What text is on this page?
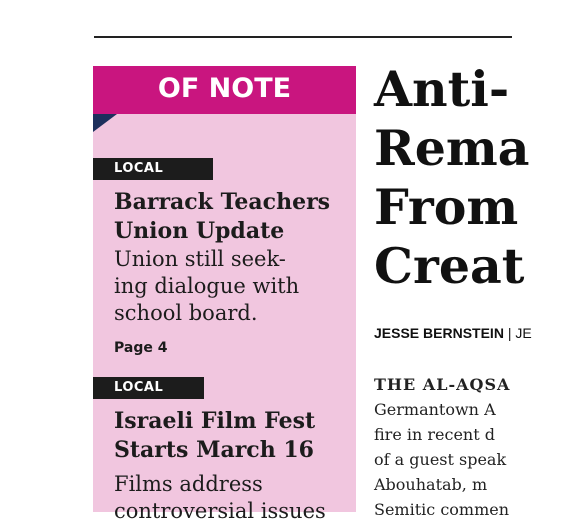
OF NOTE
LOCAL
Barrack Teachers
Union Update
Union still seek-
ing dialogue with
school board.
Page 4
LOCAL
Israeli Film Fest
Starts March 16
Films address
controversial issues
Anti-
Rema
From
Creat
JESSE BERNSTEIN | JE
THE AL-AQSA
Germantown A
fire in recent d
of a guest speak
Abouhatab, m
Semitic commen
